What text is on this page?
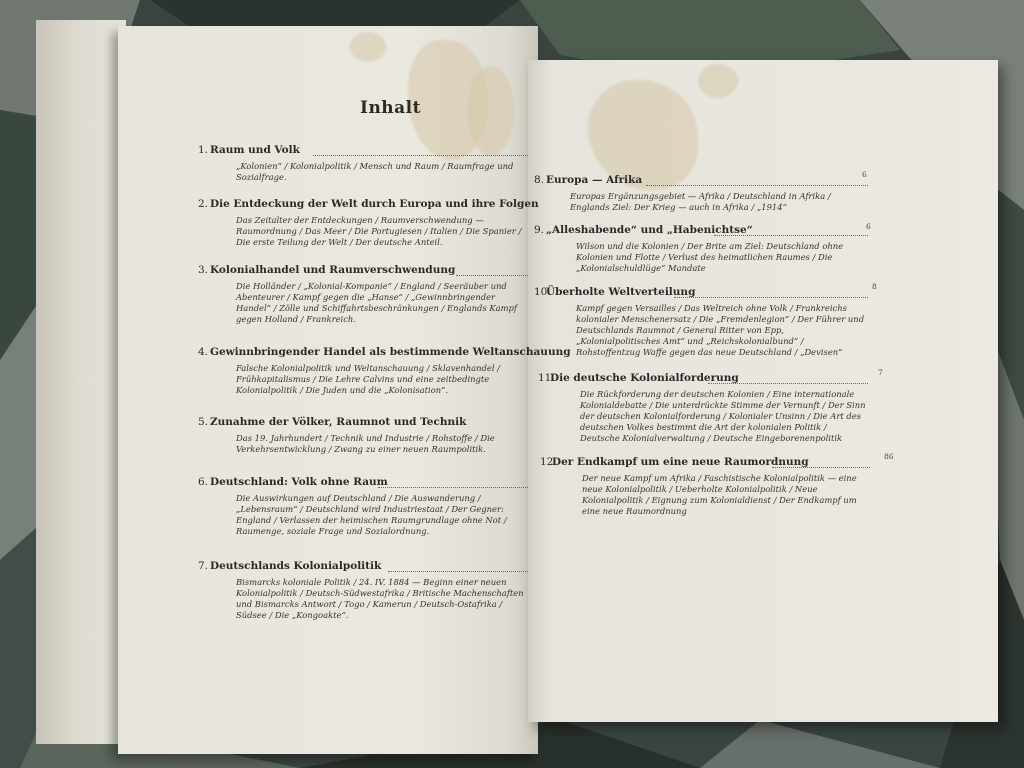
Inhalt
1. Raum und Volk
„Kolonien“ / Kolonialpolitik / Mensch und Raum / Raumfrage und Sozialfrage.
2. Die Entdeckung der Welt durch Europa und ihre Folgen
Das Zeitalter der Entdeckungen / Raumverschwendung — Raumordnung / Das Meer / Die Portugiesen / Italien / Die Spanier / Die erste Teilung der Welt / Der deutsche Anteil.
3. Kolonialhandel und Raumverschwendung
Die Holländer / „Kolonial-Kompanie“ / England / Seeräuber und Abenteurer / Kampf gegen die „Hanse“ / „Gewinnbringender Handel“ / Zölle und Schiffahrtsbeschränkungen / Englands Kampf gegen Holland / Frankreich.
4. Gewinnbringender Handel als bestimmende Weltanschauung
Falsche Kolonialpolitik und Weltanschauung / Sklavenhandel / Frühkapitalismus / Die Lehre Calvins und eine zeitbedingte Kolonialpolitik / Die Juden und die „Kolonisation“.
5. Zunahme der Völker, Raumnot und Technik
Das 19. Jahrhundert / Technik und Industrie / Rohstoffe / Die Verkehrsentwicklung / Zwang zu einer neuen Raumpolitik.
6. Deutschland: Volk ohne Raum
Die Auswirkungen auf Deutschland / Die Auswanderung / „Lebensraum“ / Deutschland wird Industriestaat / Der Gegner: England / Verlassen der heimischen Raumgrundlage ohne Not / Raumenge, soziale Frage und Sozialordnung.
7. Deutschlands Kolonialpolitik
Bismarcks koloniale Politik / 24. IV. 1884 — Beginn einer neuen Kolonialpolitik / Deutsch-Südwestafrika / Britische Machenschaften und Bismarcks Antwort / Togo / Kamerun / Deutsch-Ostafrika / Südsee / Die „Kongoakte“.
8. Europa — Afrika
Europas Ergänzungsgebiet — Afrika / Deutschland in Afrika / Englands Ziel: Der Krieg — auch in Afrika / „1914“
6
9. „Alleshabende“ und „Habenichtse“
Wilson und die Kolonien / Der Brite am Ziel: Deutschland ohne Kolonien und Flotte / Verlust des heimatlichen Raumes / Die „Kolonialschuldlüge“ Mandate
6
10.Überholte Weltverteilung
Kampf gegen Versailles / Das Weltreich ohne Volk / Frankreichs kolonialer Menschenersatz / Die „Fremdenlegion“ / Der Führer und Deutschlands Raumnot / General Ritter von Epp, „Kolonialpolitisches Amt“ und „Reichskolonialbund“ / Rohstoffentzug Waffe gegen das neue Deutschland / „Devisen“
8
11.Die deutsche Kolonialforderung
Die Rückforderung der deutschen Kolonien / Eine internationale Kolonialdebatte / Die unterdrückte Stimme der Vernunft / Der Sinn der deutschen Kolonialforderung / Kolonialer Unsinn / Die Art des deutschen Volkes bestimmt die Art der kolonialen Politik / Deutsche Kolonialverwaltung / Deutsche Eingeborenenpolitik
7
12.Der Endkampf um eine neue Raumordnung
Der neue Kampf um Afrika / Faschistische Kolonialpolitik — eine neue Kolonialpolitik / Ueberholte Kolonialpolitik / Neue Kolonialpolitik / Eignung zum Kolonialdienst / Der Endkampf um eine neue Raumordnung
86
